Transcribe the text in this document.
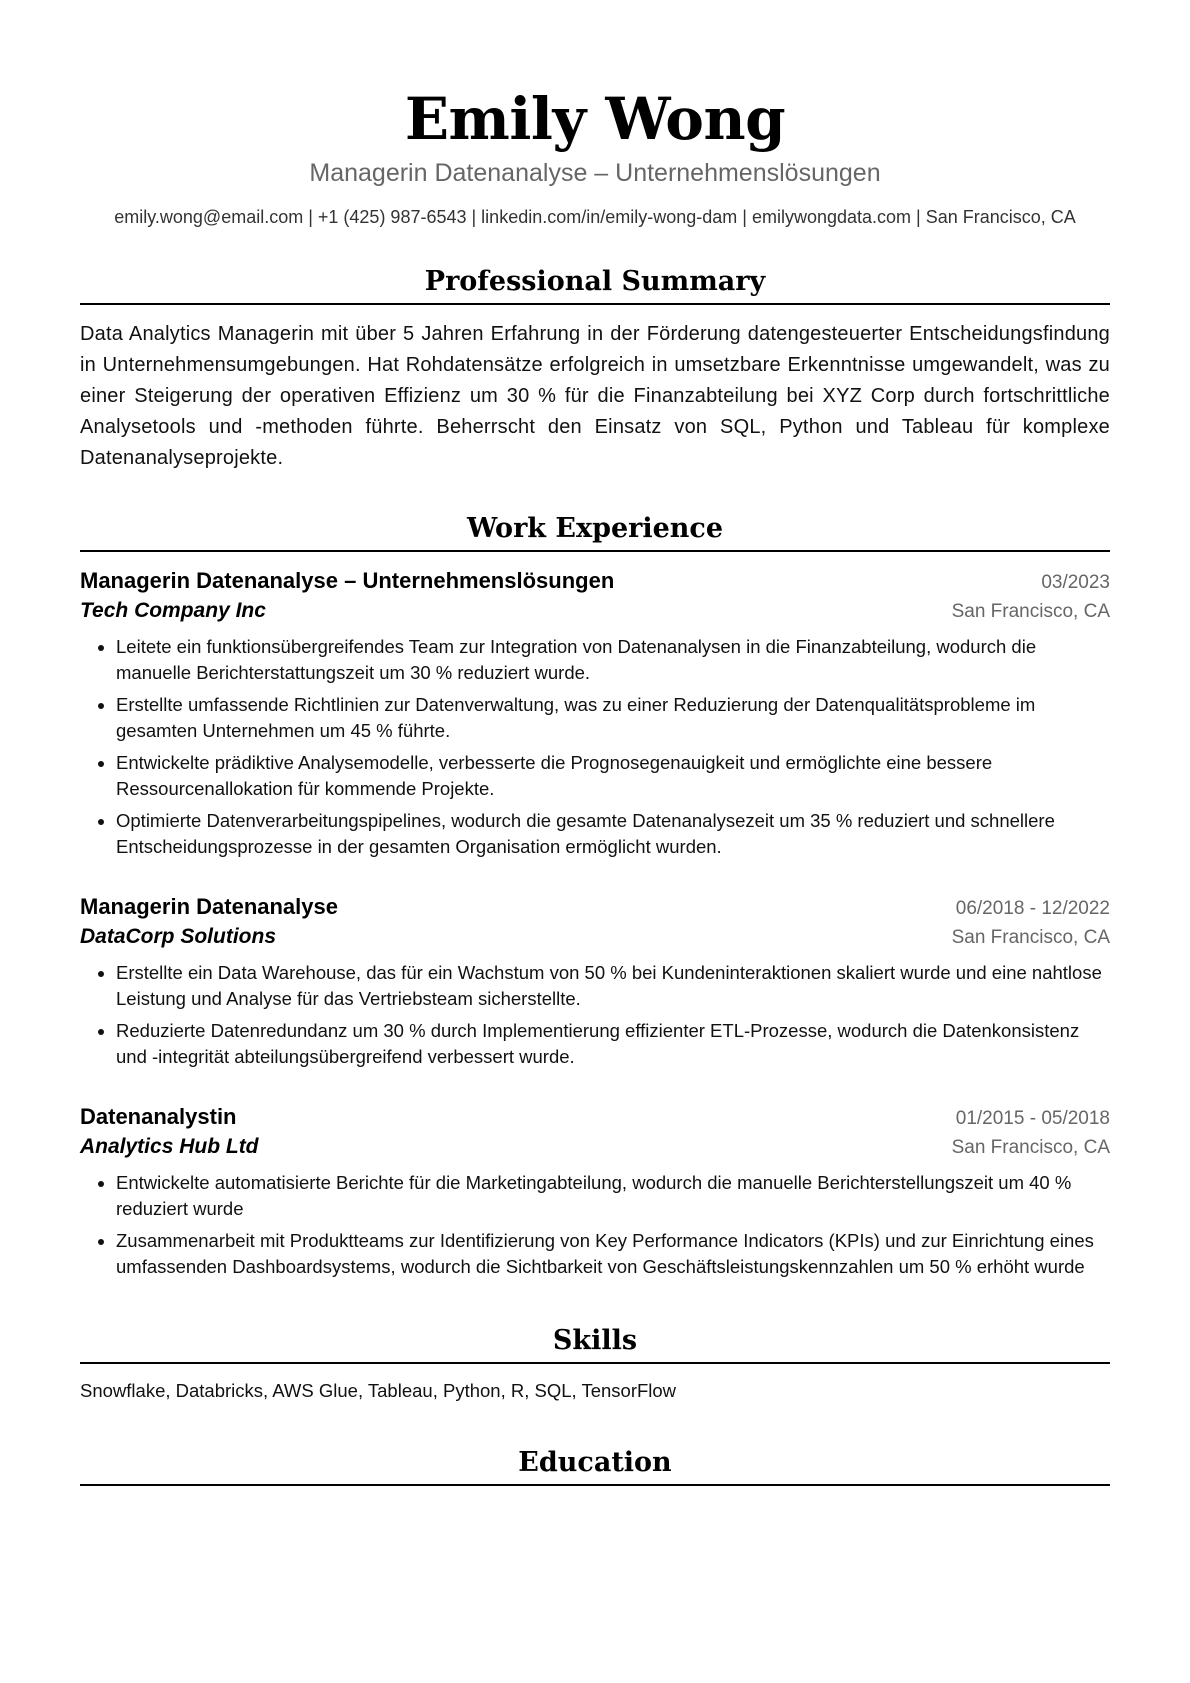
Emily Wong
Managerin Datenanalyse – Unternehmenslösungen
emily.wong@email.com | +1 (425) 987-6543 | linkedin.com/in/emily-wong-dam | emilywongdata.com | San Francisco, CA
Professional Summary
Data Analytics Managerin mit über 5 Jahren Erfahrung in der Förderung datengesteuerter Entscheidungsfindung in Unternehmensumgebungen. Hat Rohdatensätze erfolgreich in umsetzbare Erkenntnisse umgewandelt, was zu einer Steigerung der operativen Effizienz um 30 % für die Finanzabteilung bei XYZ Corp durch fortschrittliche Analysetools und -methoden führte. Beherrscht den Einsatz von SQL, Python und Tableau für komplexe Datenanalyseprojekte.
Work Experience
Managerin Datenanalyse – Unternehmenslösungen	03/2023
Tech Company Inc	San Francisco, CA
• Leitete ein funktionsübergreifendes Team zur Integration von Datenanalysen in die Finanzabteilung, wodurch die manuelle Berichterstattungszeit um 30 % reduziert wurde.
• Erstellte umfassende Richtlinien zur Datenverwaltung, was zu einer Reduzierung der Datenqualitätsprobleme im gesamten Unternehmen um 45 % führte.
• Entwickelte prädiktive Analysemodelle, verbesserte die Prognosegenauigkeit und ermöglichte eine bessere Ressourcenallokation für kommende Projekte.
• Optimierte Datenverarbeitungspipelines, wodurch die gesamte Datenanalysezeit um 35 % reduziert und schnellere Entscheidungsprozesse in der gesamten Organisation ermöglicht wurden.
Managerin Datenanalyse	06/2018 - 12/2022
DataCorp Solutions	San Francisco, CA
• Erstellte ein Data Warehouse, das für ein Wachstum von 50 % bei Kundeninteraktionen skaliert wurde und eine nahtlose Leistung und Analyse für das Vertriebsteam sicherstellte.
• Reduzierte Datenredundanz um 30 % durch Implementierung effizienter ETL-Prozesse, wodurch die Datenkonsistenz und -integrität abteilungsübergreifend verbessert wurde.
Datenanalystin	01/2015 - 05/2018
Analytics Hub Ltd	San Francisco, CA
• Entwickelte automatisierte Berichte für die Marketingabteilung, wodurch die manuelle Berichterstellungszeit um 40 % reduziert wurde
• Zusammenarbeit mit Produktteams zur Identifizierung von Key Performance Indicators (KPIs) und zur Einrichtung eines umfassenden Dashboardsystems, wodurch die Sichtbarkeit von Geschäftsleistungskennzahlen um 50 % erhöht wurde
Skills
Snowflake, Databricks, AWS Glue, Tableau, Python, R, SQL, TensorFlow
Education
